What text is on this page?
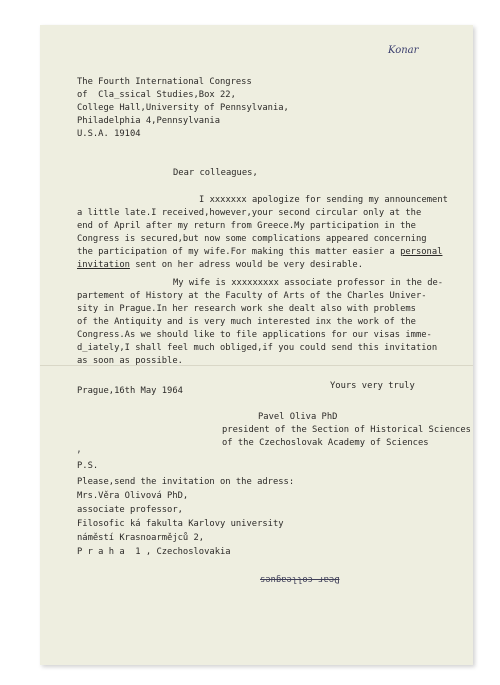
Konar
The Fourth International Congress
of  Cla_ssical Studies,Box 22,
College Hall,University of Pennsylvania,
Philadelphia 4,Pennsylvania
U.S.A. 19104
Dear colleagues,
I xxxxxxx apologize for sending my announcement
a little late.I received,however,your second circular only at the
end of April after my return from Greece.My participation in the
Congress is secured,but now some complications appeared concerning
the participation of my wife.For making this matter easier a personal
invitation sent on her adress would be very desirable.
My wife is xxxxxxxxx associate professor in the de-
partement of History at the Faculty of Arts of the Charles Univer-
sity in Prague.In her research work she dealt also with problems
of the Antiquity and is very much interested inx the work of the
Congress.As we should like to file applications for our visas imme-
d_iately,I shall feel much obliged,if you could send this invitation
as soon as possible.
Prague,16th May 1964	Yours very truly
Pavel Oliva PhD
president of the Section of Historical Sciences
of the Czechoslovak Academy of Sciences
,
P.S.
Please,send the invitation on the adress:
Mrs.Věra Olivová PhD,
associate professor,
Filosofic ká fakulta Karlovy university
náměstí Krasnoarmějců 2,
P r a h a  1 , Czechoslovakia
Dear colleagues
